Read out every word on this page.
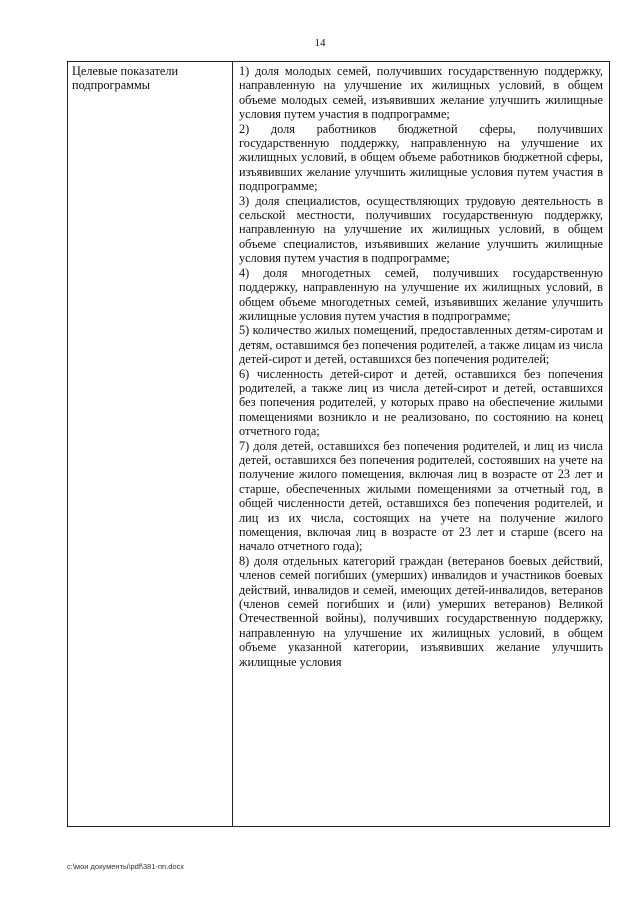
14
Целевые показатели подпрограммы

1) доля молодых семей, получивших государственную поддержку, направленную на улучшение их жилищных условий, в общем объеме молодых семей, изъявивших желание улучшить жилищные условия путем участия в подпрограмме;

2) доля работников бюджетной сферы, получивших государственную поддержку, направленную на улучшение их жилищных условий, в общем объеме работников бюджетной сферы, изъявивших желание улучшить жилищные условия путем участия в подпрограмме;

3) доля специалистов, осуществляющих трудовую деятельность в сельской местности, получивших государственную поддержку, направленную на улучшение их жилищных условий, в общем объеме специалистов, изъявивших желание улучшить жилищные условия путем участия в подпрограмме;

4) доля многодетных семей, получивших государственную поддержку, направленную на улучшение их жилищных условий, в общем объеме многодетных семей, изъявивших желание улучшить жилищные условия путем участия в подпрограмме;

5) количество жилых помещений, предоставленных детям-сиротам и детям, оставшимся без попечения родителей, а также лицам из числа детей-сирот и детей, оставшихся без попечения родителей;

6) численность детей-сирот и детей, оставшихся без попечения родителей, а также лиц из числа детей-сирот и детей, оставшихся без попечения родителей, у которых право на обеспечение жилыми помещениями возникло и не реализовано, по состоянию на конец отчетного года;

7) доля детей, оставшихся без попечения родителей, и лиц из числа детей, оставшихся без попечения родителей, состоявших на учете на получение жилого помещения, включая лиц в возрасте от 23 лет и старше, обеспеченных жилыми помещениями за отчетный год, в общей численности детей, оставшихся без попечения родителей, и лиц из их числа, состоящих на учете на получение жилого помещения, включая лиц в возрасте от 23 лет и старше (всего на начало отчетного года);

8) доля отдельных категорий граждан (ветеранов боевых действий, членов семей погибших (умерших) инвалидов и участников боевых действий, инвалидов и семей, имеющих детей-инвалидов, ветеранов (членов семей погибших и (или) умерших ветеранов) Великой Отечественной войны), получивших государственную поддержку, направленную на улучшение их жилищных условий, в общем объеме указанной категории, изъявивших желание улучшить жилищные условия

c:\мои документы\pdf\381-пп.docx
